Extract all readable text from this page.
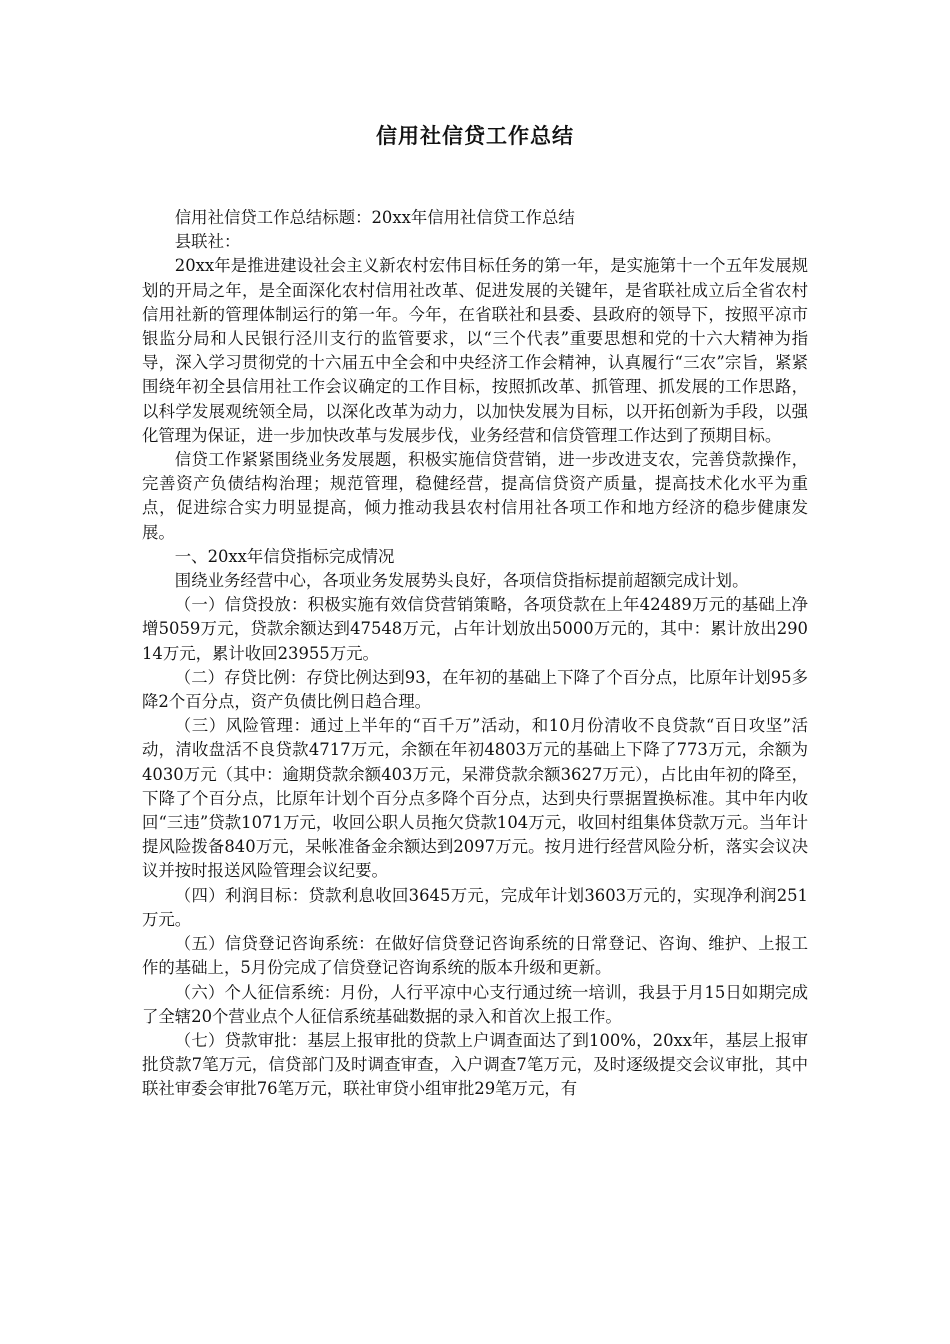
信用社信贷工作总结

信用社信贷工作总结标题：20xx年信用社信贷工作总结

县联社：

20xx年是推进建设社会主义新农村宏伟目标任务的第一年，是实施第十一个五年发展规划的开局之年，是全面深化农村信用社改革、促进发展的关键年，是省联社成立后全省农村信用社新的管理体制运行的第一年。今年，在省联社和县委、县政府的领导下，按照平凉市银监分局和人民银行泾川支行的监管要求，以“三个代表”重要思想和党的十六大精神为指导，深入学习贯彻党的十六届五中全会和中央经济工作会精神，认真履行“三农”宗旨，紧紧围绕年初全县信用社工作会议确定的工作目标，按照抓改革、抓管理、抓发展的工作思路，以科学发展观统领全局，以深化改革为动力，以加快发展为目标，以开拓创新为手段，以强化管理为保证，进一步加快改革与发展步伐，业务经营和信贷管理工作达到了预期目标。

信贷工作紧紧围绕业务发展题，积极实施信贷营销，进一步改进支农，完善贷款操作，完善资产负债结构治理；规范管理，稳健经营，提高信贷资产质量，提高技术化水平为重点，促进综合实力明显提高，倾力推动我县农村信用社各项工作和地方经济的稳步健康发展。

一、20xx年信贷指标完成情况

围绕业务经营中心，各项业务发展势头良好，各项信贷指标提前超额完成计划。

（一）信贷投放：积极实施有效信贷营销策略，各项贷款在上年42489万元的基础上净增5059万元，贷款余额达到47548万元，占年计划放出5000万元的，其中：累计放出29014万元，累计收回23955万元。

（二）存贷比例：存贷比例达到93，在年初的基础上下降了个百分点，比原年计划95多降2个百分点，资产负债比例日趋合理。

（三）风险管理：通过上半年的“百千万”活动，和10月份清收不良贷款“百日攻坚”活动，清收盘活不良贷款4717万元，余额在年初4803万元的基础上下降了773万元，余额为4030万元（其中：逾期贷款余额403万元，呆滞贷款余额3627万元），占比由年初的降至，下降了个百分点，比原年计划个百分点多降个百分点，达到央行票据置换标准。其中年内收回“三违”贷款1071万元，收回公职人员拖欠贷款104万元，收回村组集体贷款万元。当年计提风险拨备840万元，呆帐准备金余额达到2097万元。按月进行经营风险分析，落实会议决议并按时报送风险管理会议纪要。

（四）利润目标：贷款利息收回3645万元，完成年计划3603万元的，实现净利润251万元。

（五）信贷登记咨询系统：在做好信贷登记咨询系统的日常登记、咨询、维护、上报工作的基础上，5月份完成了信贷登记咨询系统的版本升级和更新。

（六）个人征信系统：月份，人行平凉中心支行通过统一培训，我县于月15日如期完成了全辖20个营业点个人征信系统基础数据的录入和首次上报工作。

（七）贷款审批：基层上报审批的贷款上户调查面达了到100%，20xx年，基层上报审批贷款7笔万元，信贷部门及时调查审查，入户调查7笔万元，及时逐级提交会议审批，其中联社审委会审批76笔万元，联社审贷小组审批29笔万元，有
